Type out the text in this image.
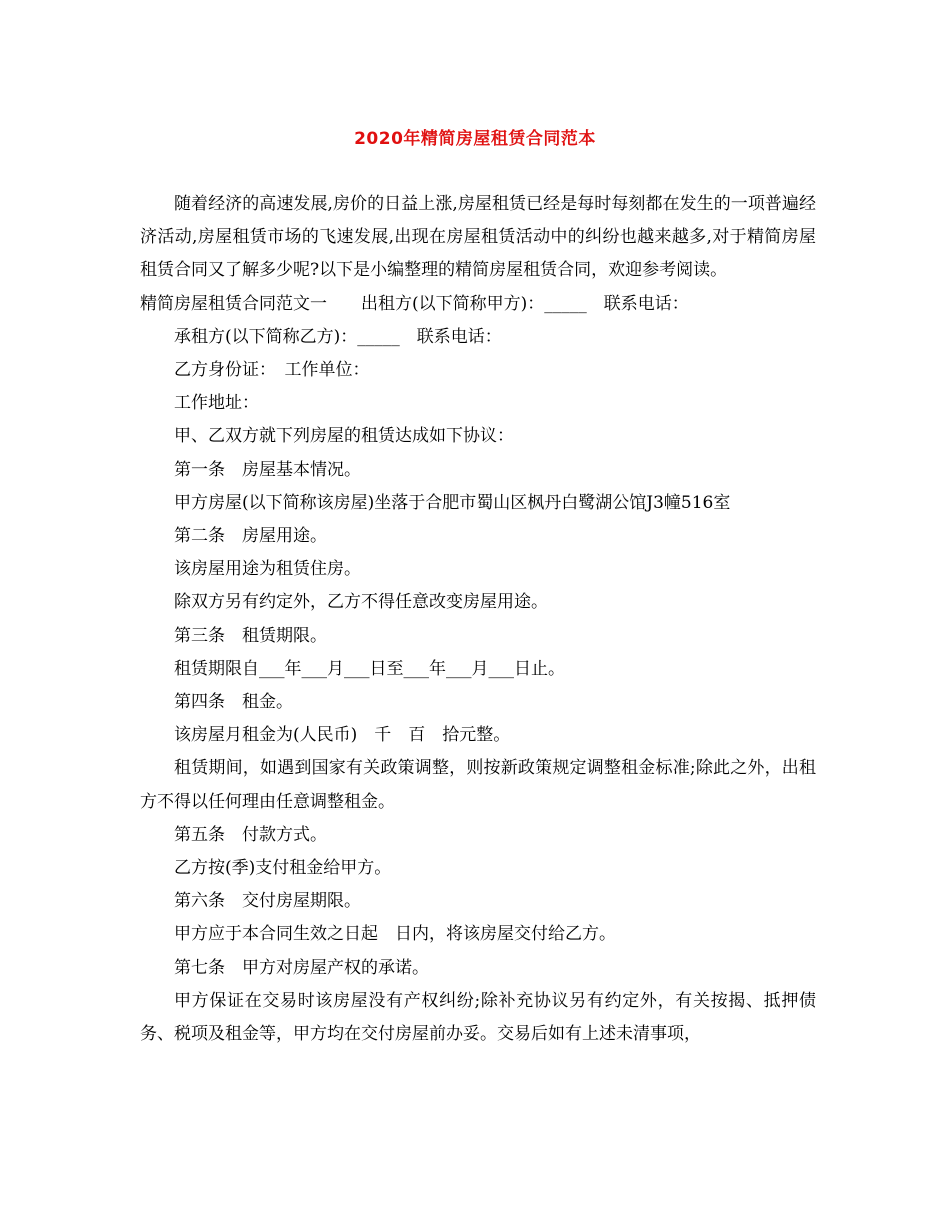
2020年精简房屋租赁合同范本

随着经济的高速发展,房价的日益上涨,房屋租赁已经是每时每刻都在发生的一项普遍经济活动,房屋租赁市场的飞速发展,出现在房屋租赁活动中的纠纷也越来越多,对于精简房屋租赁合同又了解多少呢?以下是小编整理的精简房屋租赁合同，欢迎参考阅读。

精简房屋租赁合同范文一　　出租方(以下简称甲方)：_____　联系电话：

承租方(以下简称乙方)：_____　联系电话：

乙方身份证：　工作单位：

工作地址：

甲、乙双方就下列房屋的租赁达成如下协议：

第一条　房屋基本情况。

甲方房屋(以下简称该房屋)坐落于合肥市蜀山区枫丹白鹭湖公馆J3幢516室

第二条　房屋用途。

该房屋用途为租赁住房。

除双方另有约定外，乙方不得任意改变房屋用途。

第三条　租赁期限。

租赁期限自___年___月___日至___年___月___日止。

第四条　租金。

该房屋月租金为(人民币)　千　百　拾元整。

租赁期间，如遇到国家有关政策调整，则按新政策规定调整租金标准;除此之外，出租方不得以任何理由任意调整租金。

第五条　付款方式。

乙方按(季)支付租金给甲方。

第六条　交付房屋期限。

甲方应于本合同生效之日起　日内，将该房屋交付给乙方。

第七条　甲方对房屋产权的承诺。

甲方保证在交易时该房屋没有产权纠纷;除补充协议另有约定外，有关按揭、抵押债务、税项及租金等，甲方均在交付房屋前办妥。交易后如有上述未清事项，
